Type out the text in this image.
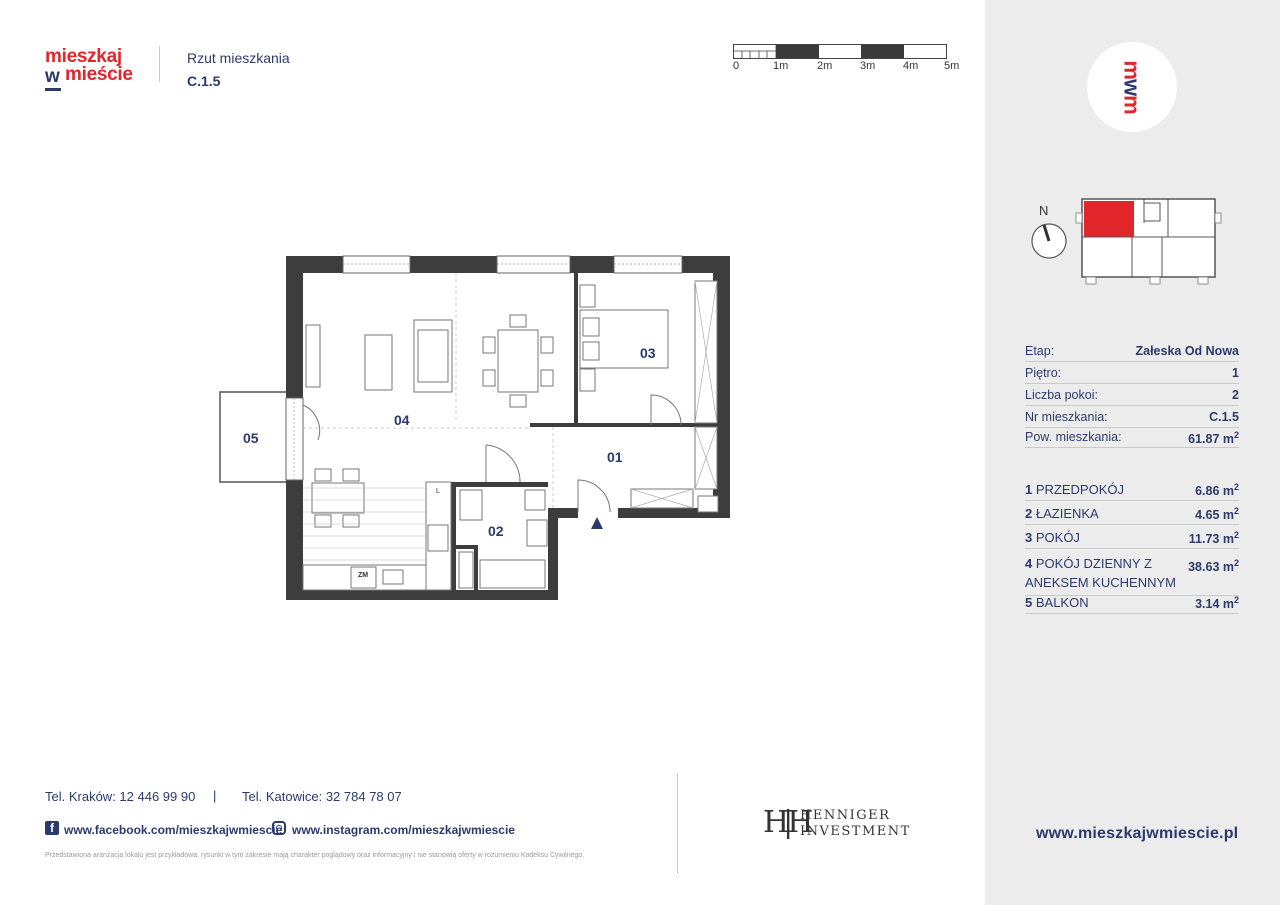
mieszkaj
w mieście
Rzut mieszkania
C.1.5
0	1m	2m	3m	4m 5m
01
02
03
04
05
ZM
L
mwm
N
Etap:	Załeska Od Nowa
Piętro:	1
Liczba pokoi:	2
Nr mieszkania:	C.1.5
Pow. mieszkania:	61.87 $m^2$
1 PRZEDPOKÓJ	6.86 $m^2$
2 ŁAZIENKA	4.65 $m^2$
3 POKÓJ	11.73 $m^2$
4 POKÓJ DZIENNY Z
ANEKSEM KUCHENNYM
38.63 $m^2$
5 BALKON	3.14 $m^2$
www.mieszkajwmiescie.pl
Tel. Kraków: 12 446 99 90 | Tel. Katowice: 32 784 78 07
f www.facebook.com/mieszkajwmiescie www.instagram.com/mieszkajwmiescie
Przedstawiona aranżacja lokalu jest przykładowa, rysunki w tym zakresie mają charakter poglądowy oraz informacyjny i nie stanowią oferty w rozumieniu Kodeksu Cywilnego.
H|H
HENNIGER
INVESTMENT
